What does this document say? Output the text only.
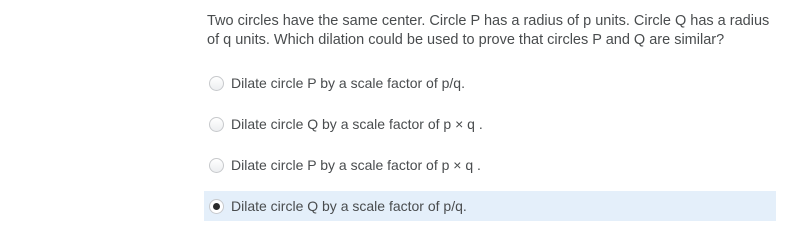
Two circles have the same center. Circle P has a radius of p units. Circle Q has a radius of q units. Which dilation could be used to prove that circles P and Q are similar?
Dilate circle P by a scale factor of p/q.
Dilate circle Q by a scale factor of p × q .
Dilate circle P by a scale factor of p × q .
Dilate circle Q by a scale factor of p/q.
